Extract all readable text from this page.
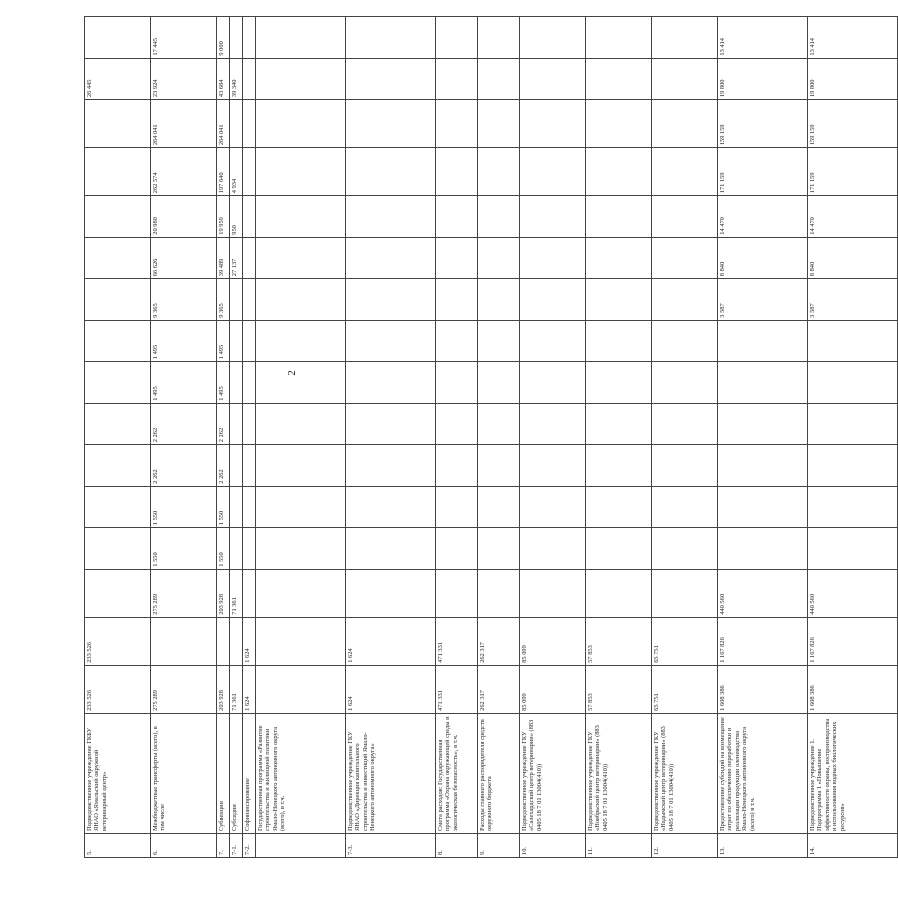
2
5.	Подведомственное учреждение ГКБУ ЯНАО «Ямальский окружной ветеринарный центр»	233 526	233 526													26 445	
6.	Межбюджетные трансферты (всего), в том числе	275 289		275 289	1 550	1 550	2 262	2 262	1 495	1 495	9 365	66 626	20 980	262 574	264 041	23 924	17 445
7.	Субвенции	203 928		203 928	1 550	1 550	2 262	2 262	1 495	1 495	9 365	39 489	19 959	197 640	264 041	43 684	9 000
7-1.	Субсидии	71 361		71 361								27 137	950	4 934		39 340	
7-2.	Софинансирование	1 624	1 624														
	Государственная программа «Развитие строительства и жилищной политики Ямало-Ненецкого автономного округа (всего), в т.ч.																
7-3.	Подведомственное учреждение ГКУ ЯНАО «Дирекция капитального строительства и инвестиций Ямало-Ненецкого автономного округа»	1 624	1 624														
8.	Смета расходов: Государственная программа «Охрана окружающей среды и экологическая безопасность», в т.ч.	471 331	471 331														
9.	Расходы главного распорядителя средств окружного бюджета	262 317	262 317														
10.	Подведомственное учреждение ГКУ «Салехардский центр ветеринарии» (883 0405 18 7 01 13004(410))	85 099	85 099														
11.	Подведомственное учреждение ГКУ «Ноябрьский центр ветеринарии» (883 0405 18 7 01 13004(410))	57 853	57 853														
12.	Подведомственное учреждение ГКУ «Надымский центр ветеринарии» (883 0405 18 7 01 13004(410))	65 751	65 751														
13.	Предоставление субсидий на возмещение затрат по обеспечению переработки и реализации продукции оленеводства Ямало-Ненецкого автономного округа (всего) в т.ч.	1 608 386	1 167 826	440 560							3 587	8 840	14 470	171 159	159 159	19 800	13 414
14.	Подведомственное учреждение 1. Подпрограмма 1 «Повышение эффективности охраны, воспроизводства и использования водных биологических ресурсов»	1 608 386	1 167 826	440 560							3 587	8 840	14 470	171 159	159 159	19 800	13 414
